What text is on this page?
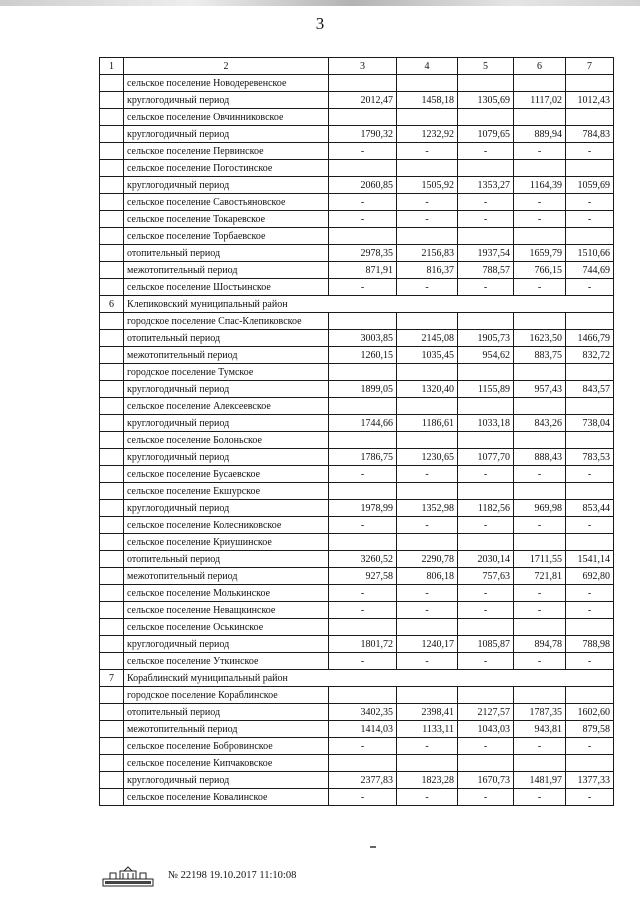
3
1	2	3	4	5	6	7
	сельское поселение Новодеревенское					
	круглогодичный период	2012,47	1458,18	1305,69	1117,02	1012,43
	сельское поселение Овчинниковское					
	круглогодичный период	1790,32	1232,92	1079,65	889,94	784,83
	сельское поселение Первинское	-	-	-	-	-
	сельское поселение Погостинское					
	круглогодичный период	2060,85	1505,92	1353,27	1164,39	1059,69
	сельское поселение Савостьяновское	-	-	-	-	-
	сельское поселение Токаревское	-	-	-	-	-
	сельское поселение Торбаевское					
	отопительный период	2978,35	2156,83	1937,54	1659,79	1510,66
	межотопительный период	871,91	816,37	788,57	766,15	744,69
	сельское поселение Шостьинское	-	-	-	-	-
6	Клепиковский муниципальный район					
	городское поселение Спас-Клепиковское					
	отопительный период	3003,85	2145,08	1905,73	1623,50	1466,79
	межотопительный период	1260,15	1035,45	954,62	883,75	832,72
	городское поселение Тумское					
	круглогодичный период	1899,05	1320,40	1155,89	957,43	843,57
	сельское поселение Алексеевское					
	круглогодичный период	1744,66	1186,61	1033,18	843,26	738,04
	сельское поселение Болоньское					
	круглогодичный период	1786,75	1230,65	1077,70	888,43	783,53
	сельское поселение Бусаевское	-	-	-	-	-
	сельское поселение Екшурское					
	круглогодичный период	1978,99	1352,98	1182,56	969,98	853,44
	сельское поселение Колесниковское	-	-	-	-	-
	сельское поселение Криушинское					
	отопительный период	3260,52	2290,78	2030,14	1711,55	1541,14
	межотопительный период	927,58	806,18	757,63	721,81	692,80
	сельское поселение Молькинское	-	-	-	-	-
	сельское поселение Неващкинское	-	-	-	-	-
	сельское поселение Оськинское					
	круглогодичный период	1801,72	1240,17	1085,87	894,78	788,98
	сельское поселение Уткинское	-	-	-	-	-
7	Кораблинский муниципальный район					
	городское поселение Кораблинское					
	отопительный период	3402,35	2398,41	2127,57	1787,35	1602,60
	межотопительный период	1414,03	1133,11	1043,03	943,81	879,58
	сельское поселение Бобровинское	-	-	-	-	-
	сельское поселение Кипчаковское					
	круглогодичный период	2377,83	1823,28	1670,73	1481,97	1377,33
	сельское поселение Ковалинское	-	-	-	-	-
№ 22198 19.10.2017 11:10:08
